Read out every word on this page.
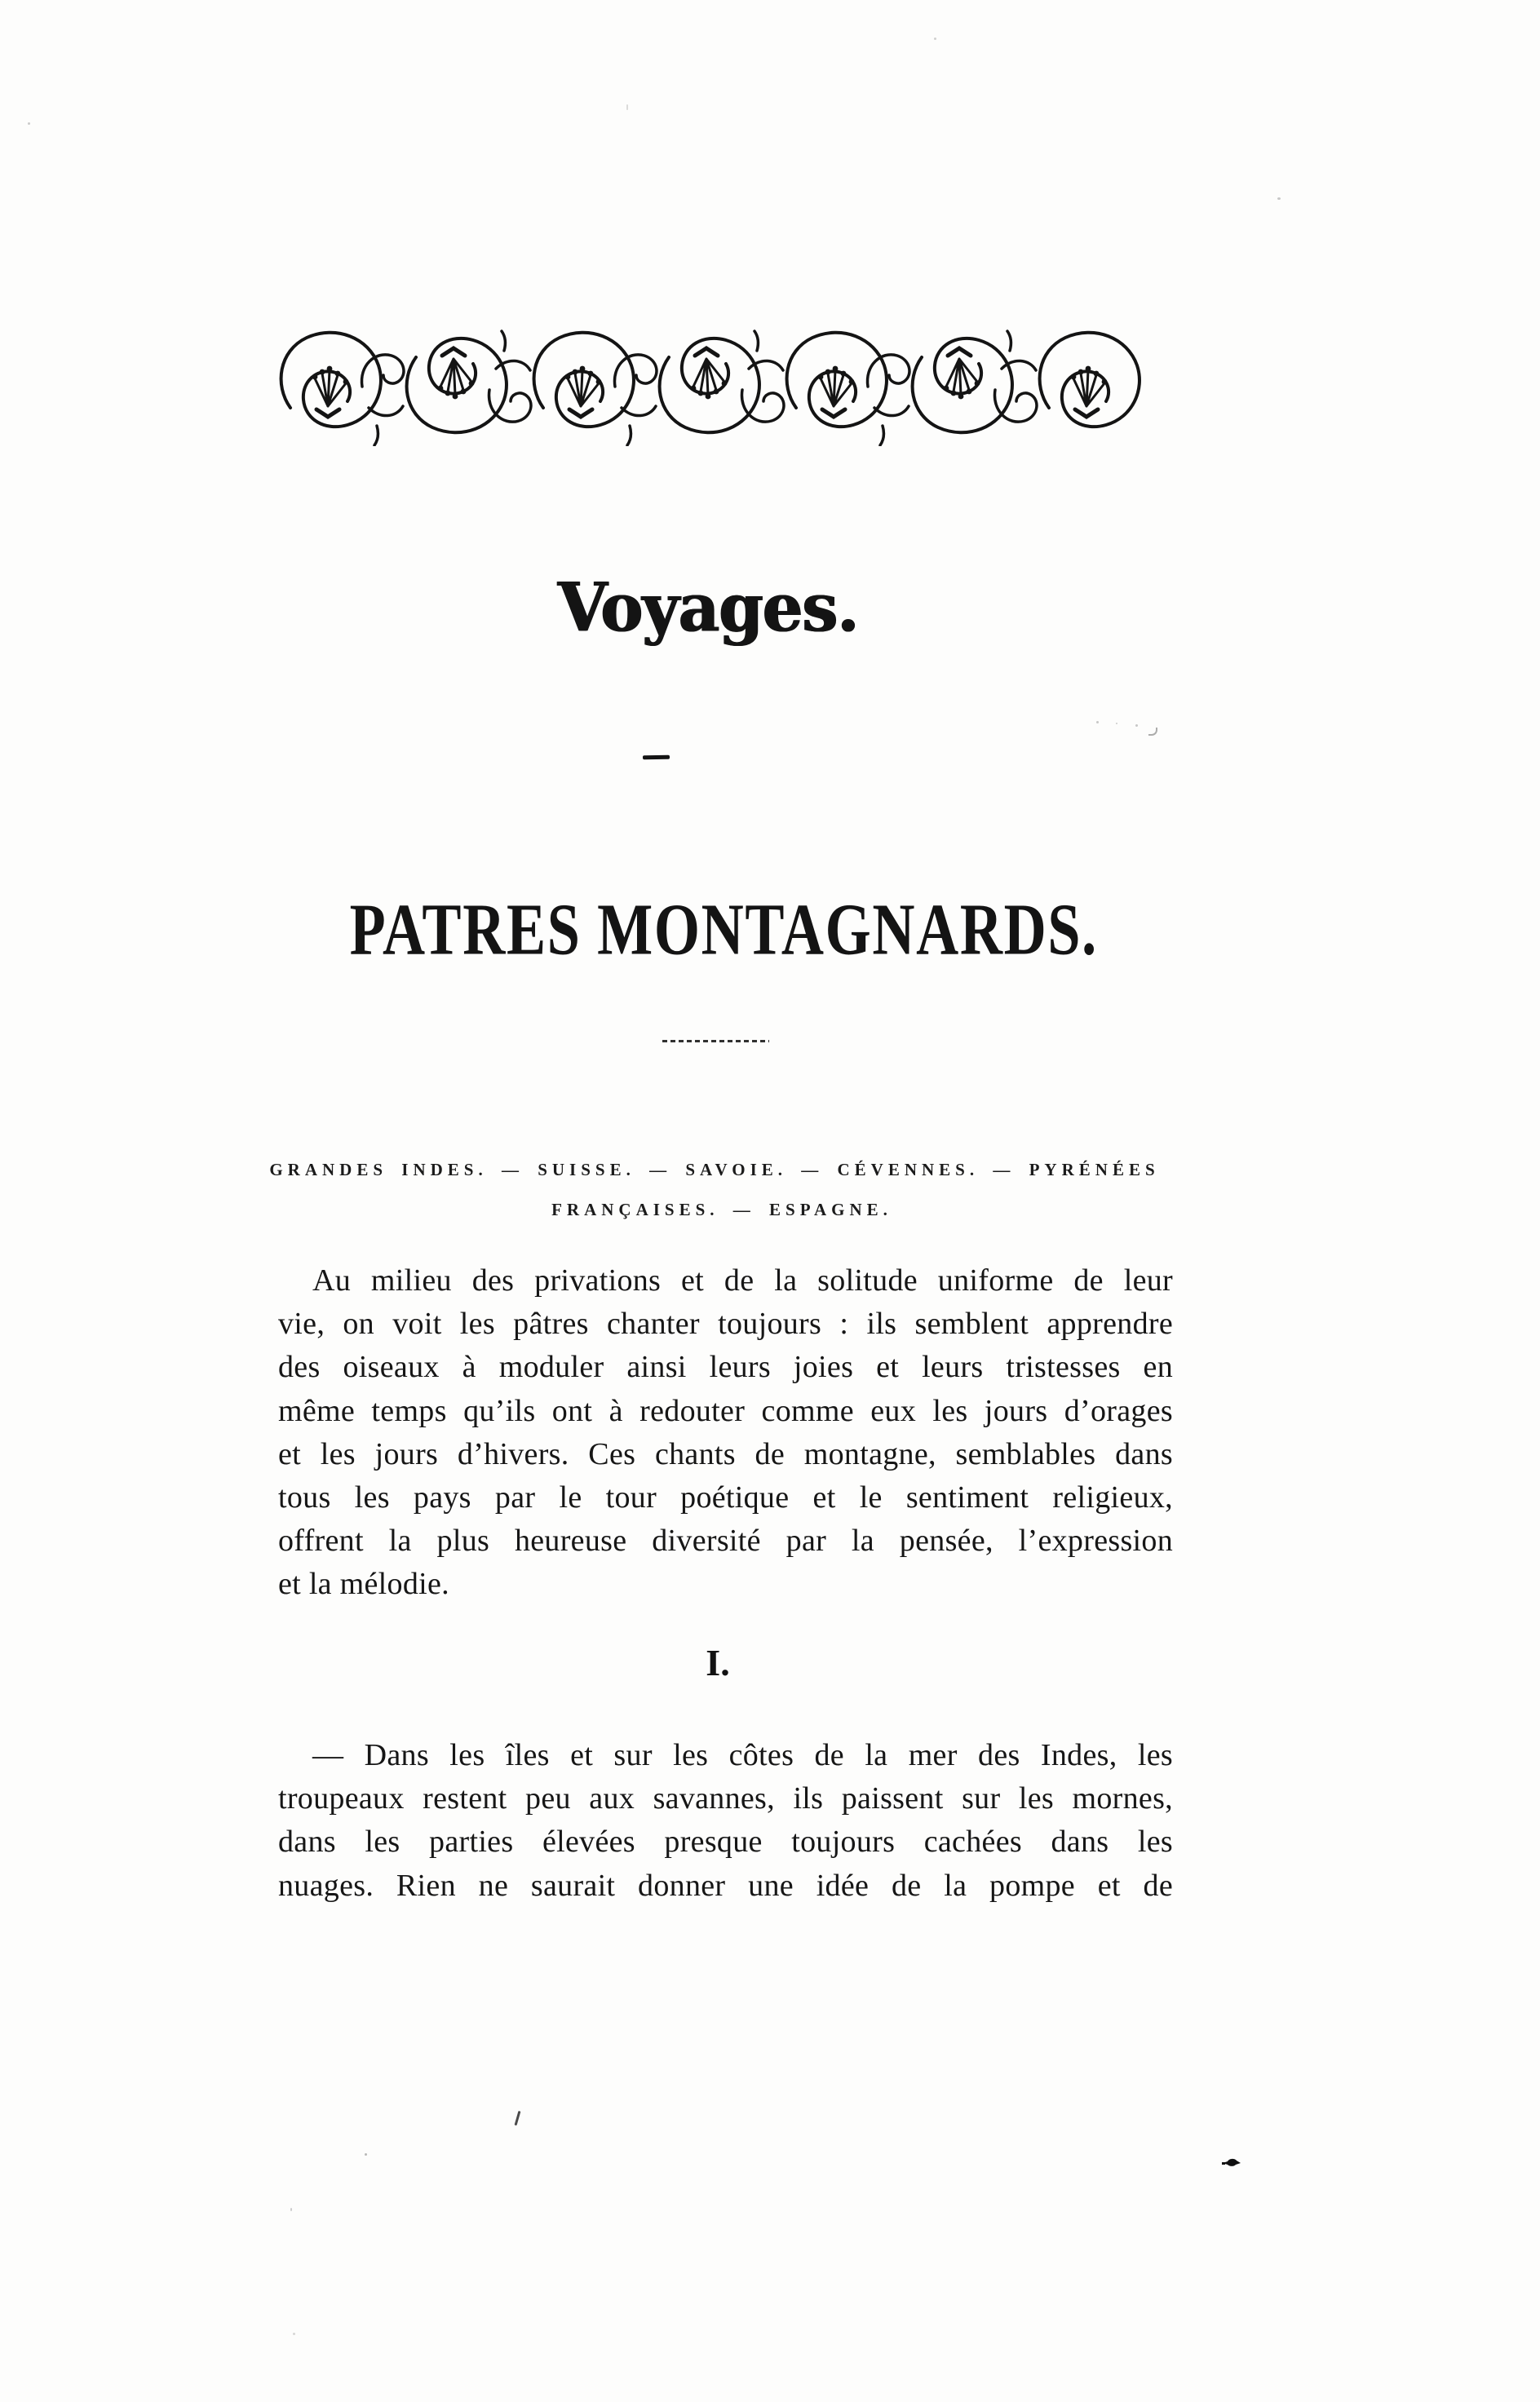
Voyages.
PATRES MONTAGNARDS.
GRANDES INDES. — SUISSE. — SAVOIE. — CÉVENNES. — PYRÉNÉES
FRANÇAISES. — ESPAGNE.
Au milieu des privations et de la solitude uniforme de leur
vie, on voit les pâtres chanter toujours : ils semblent apprendre
des oiseaux à moduler ainsi leurs joies et leurs tristesses en
même temps qu’ils ont à redouter comme eux les jours d’orages
et les jours d’hivers. Ces chants de montagne, semblables dans
tous les pays par le tour poétique et le sentiment religieux,
offrent la plus heureuse diversité par la pensée, l’expression
et la mélodie.
I.
— Dans les îles et sur les côtes de la mer des Indes, les
troupeaux restent peu aux savannes, ils paissent sur les mornes,
dans les parties élevées presque toujours cachées dans les
nuages. Rien ne saurait donner une idée de la pompe et de
